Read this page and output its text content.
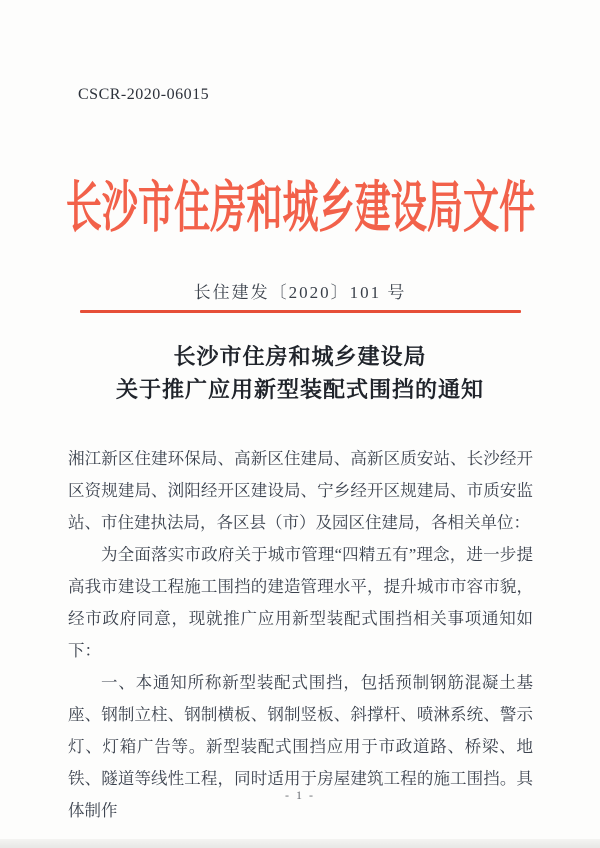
CSCR-2020-06015
长沙市住房和城乡建设局文件
长住建发〔2020〕101 号
长沙市住房和城乡建设局
关于推广应用新型装配式围挡的通知

湘江新区住建环保局、高新区住建局、高新区质安站、长沙经开区资规建局、浏阳经开区建设局、宁乡经开区规建局、市质安监站、市住建执法局，各区县（市）及园区住建局，各相关单位：

为全面落实市政府关于城市管理“四精五有”理念，进一步提高我市建设工程施工围挡的建造管理水平，提升城市市容市貌，经市政府同意，现就推广应用新型装配式围挡相关事项通知如下：

一、本通知所称新型装配式围挡，包括预制钢筋混凝土基座、钢制立柱、钢制横板、钢制竖板、斜撑杆、喷淋系统、警示灯、灯箱广告等。新型装配式围挡应用于市政道路、桥梁、地铁、隧道等线性工程，同时适用于房屋建筑工程的施工围挡。具体制作

- 1 -
